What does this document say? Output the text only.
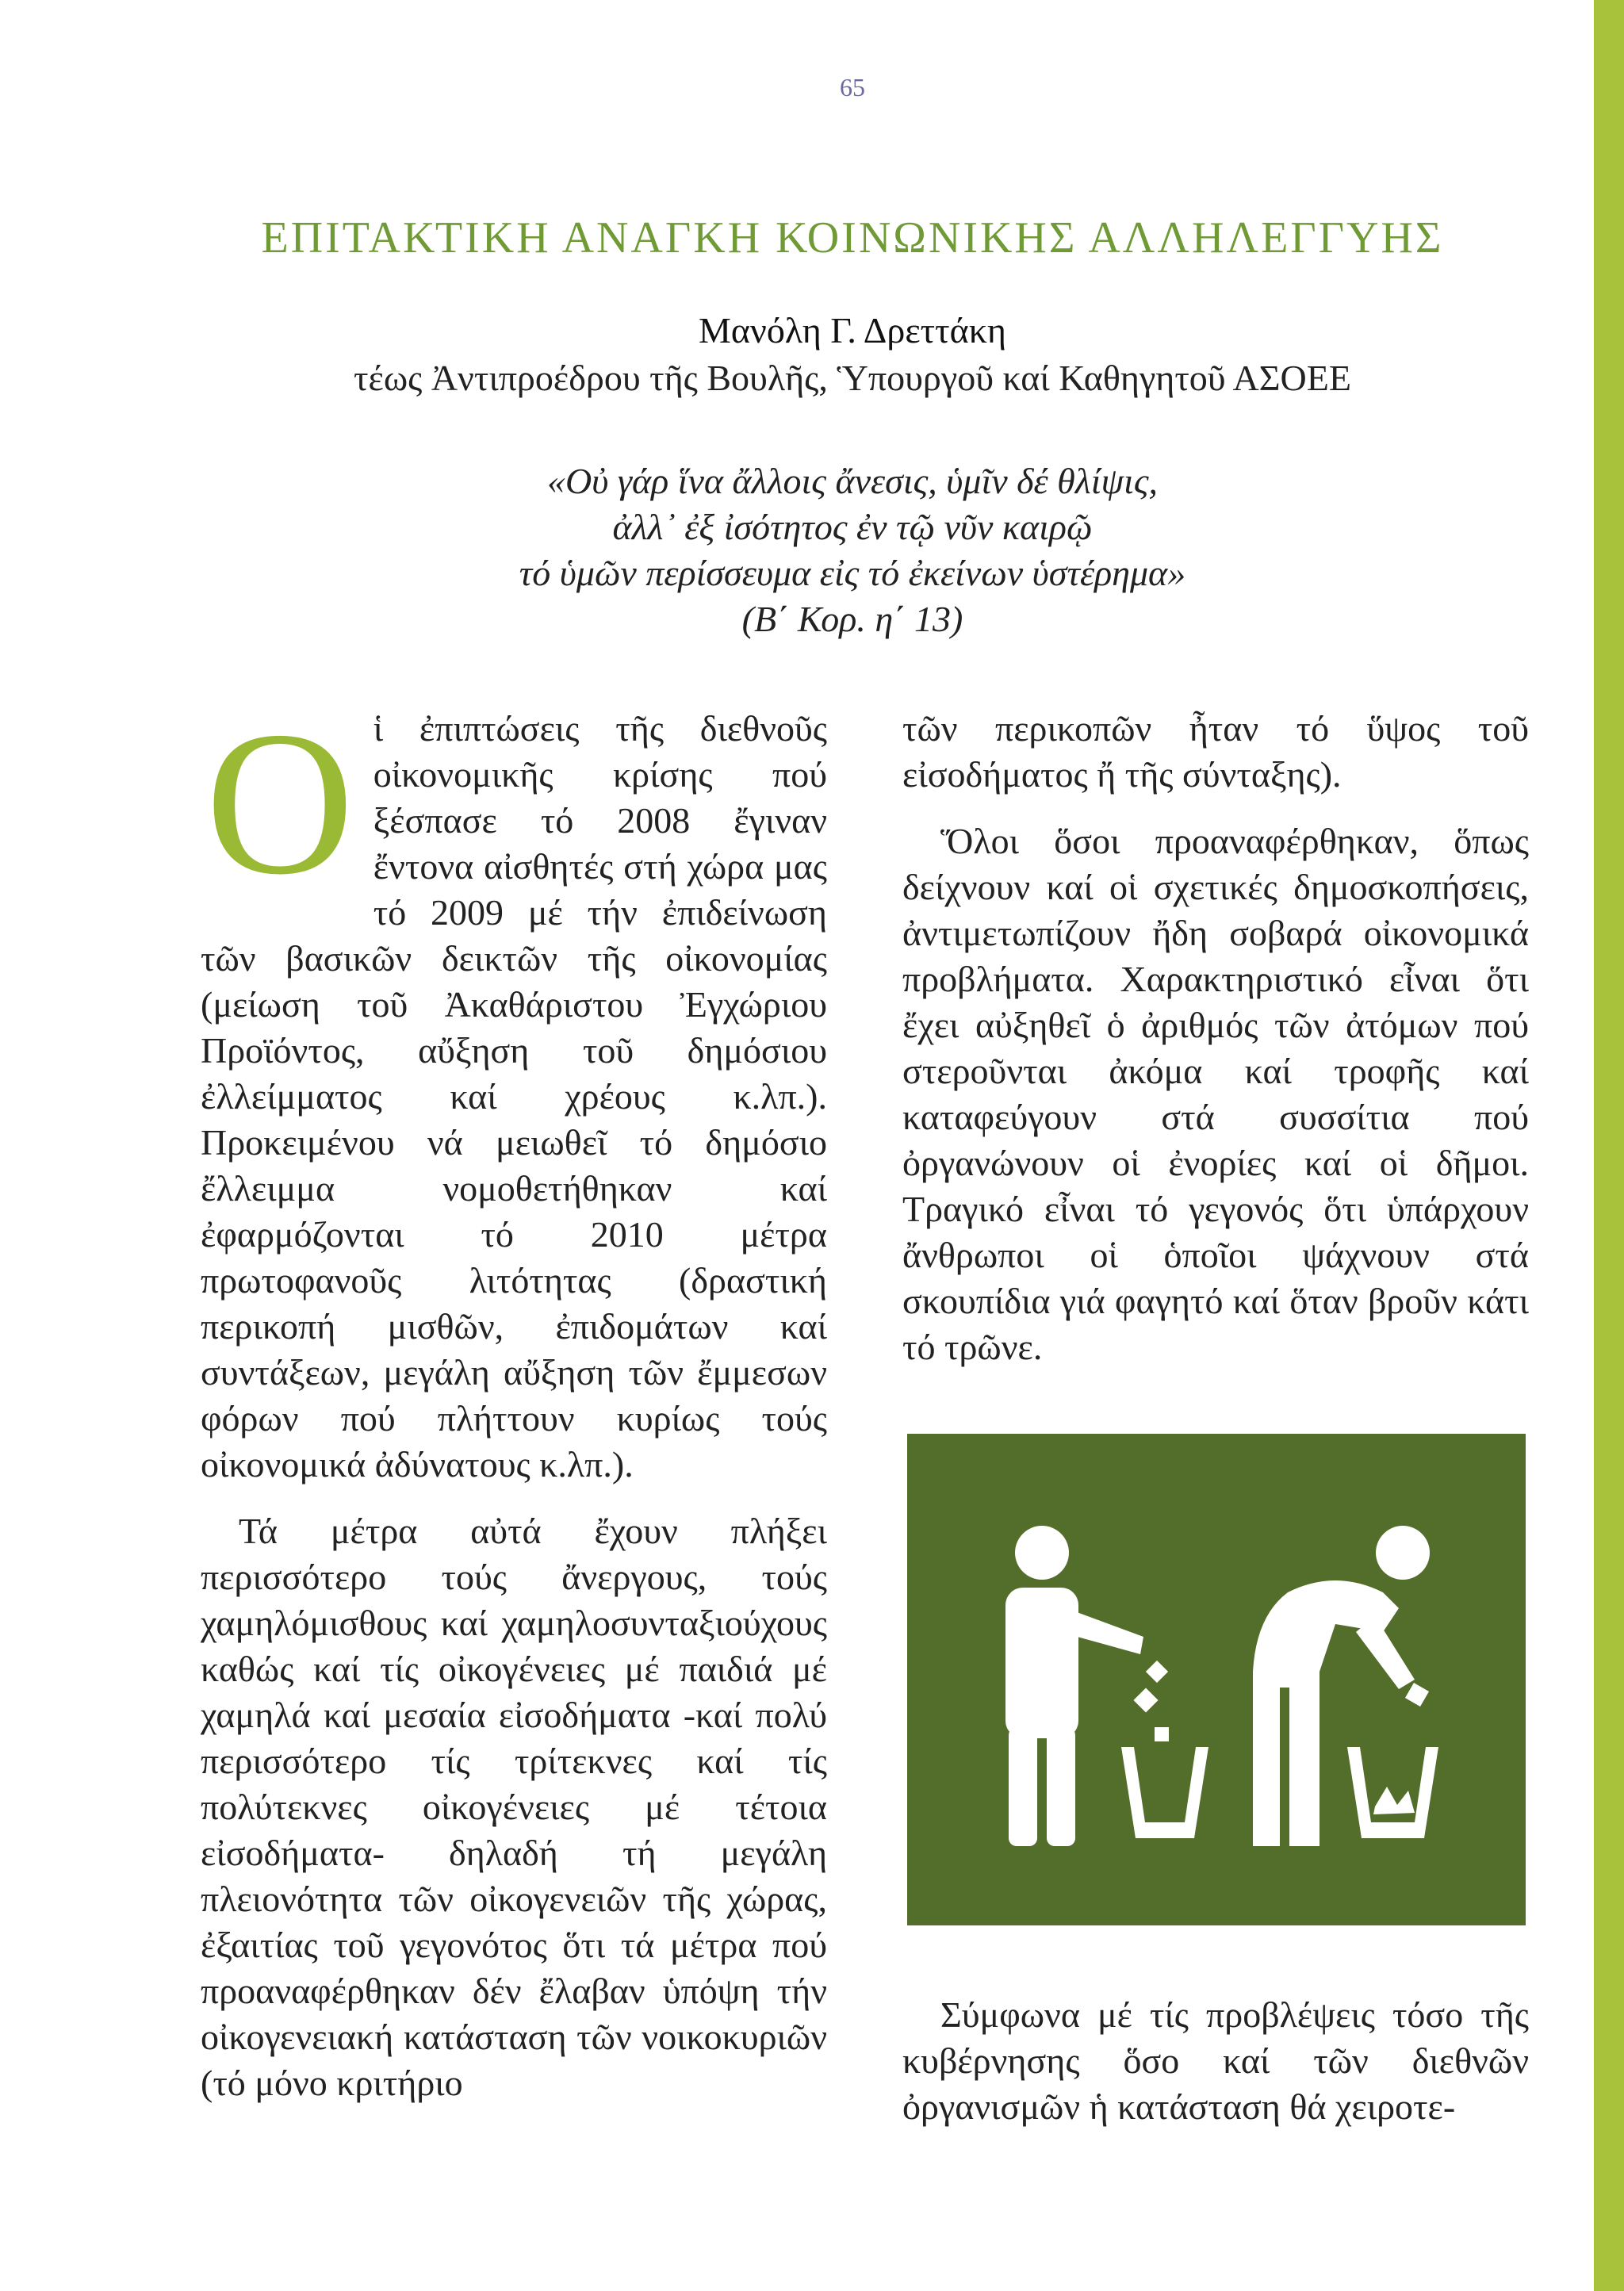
65
ΕΠΙΤΑΚΤΙΚΗ ΑΝΑΓΚΗ ΚΟΙΝΩΝΙΚΗΣ ΑΛΛΗΛΕΓΓΥΗΣ
Μανόλη Γ. Δρεττάκη
τέως Ἀντιπροέδρου τῆς Βουλῆς, Ὑπουργοῦ καί Καθηγητοῦ ΑΣΟΕΕ
«Οὐ γάρ ἵνα ἄλλοις ἄνεσις, ὑμῖν δέ θλίψις,
ἀλλ᾽ ἐξ ἰσότητος ἐν τῷ νῦν καιρῷ
τό ὑμῶν περίσσευμα εἰς τό ἐκείνων ὑστέρημα»
(Β΄ Κορ. η΄ 13)

Οἱ ἐπιπτώσεις τῆς διεθνοῦς οἰκονομικῆς κρίσης πού ξέσπασε τό 2008 ἔγιναν ἔντονα αἰσθητές στή χώρα μας τό 2009 μέ τήν ἐπιδείνωση τῶν βασικῶν δεικτῶν τῆς οἰκονομίας (μείωση τοῦ Ἀκαθάριστου Ἐγχώριου Προϊόντος, αὔξηση τοῦ δημόσιου ἐλλείμματος καί χρέους κ.λπ.). Προκειμένου νά μειωθεῖ τό δημόσιο ἔλλειμμα νομοθετήθηκαν καί ἐφαρμόζονται τό 2010 μέτρα πρωτοφανοῦς λιτότητας (δραστική περικοπή μισθῶν, ἐπιδομάτων καί συντάξεων, μεγάλη αὔξηση τῶν ἔμμεσων φόρων πού πλήττουν κυρίως τούς οἰκονομικά ἀδύνατους κ.λπ.).

Τά μέτρα αὐτά ἔχουν πλήξει περισσότερο τούς ἄνεργους, τούς χαμηλόμισθους καί χαμηλοσυνταξιούχους καθώς καί τίς οἰκογένειες μέ παιδιά μέ χαμηλά καί μεσαία εἰσοδήματα -καί πολύ περισσότερο τίς τρίτεκνες καί τίς πολύτεκνες οἰκογένειες μέ τέτοια εἰσοδήματα- δηλαδή τή μεγάλη πλειονότητα τῶν οἰκογενειῶν τῆς χώρας, ἐξαιτίας τοῦ γεγονότος ὅτι τά μέτρα πού προαναφέρθηκαν δέν ἔλαβαν ὑπόψη τήν οἰκογενειακή κατάσταση τῶν νοικοκυριῶν (τό μόνο κριτήριο

τῶν περικοπῶν ἦταν τό ὕψος τοῦ εἰσοδήματος ἤ τῆς σύνταξης).

Ὅλοι ὅσοι προαναφέρθηκαν, ὅπως δείχνουν καί οἱ σχετικές δημοσκοπήσεις, ἀντιμετωπίζουν ἤδη σοβαρά οἰκονομικά προβλήματα. Χαρακτηριστικό εἶναι ὅτι ἔχει αὐξηθεῖ ὁ ἀριθμός τῶν ἀτόμων πού στεροῦνται ἀκόμα καί τροφῆς καί καταφεύγουν στά συσσίτια πού ὀργανώνουν οἱ ἐνορίες καί οἱ δῆμοι. Τραγικό εἶναι τό γεγονός ὅτι ὑπάρχουν ἄνθρωποι οἱ ὁποῖοι ψάχνουν στά σκουπίδια γιά φαγητό καί ὅταν βροῦν κάτι τό τρῶνε.

Σύμφωνα μέ τίς προβλέψεις τόσο τῆς κυβέρνησης ὅσο καί τῶν διεθνῶν ὀργανισμῶν ἡ κατάσταση θά χειροτε-
